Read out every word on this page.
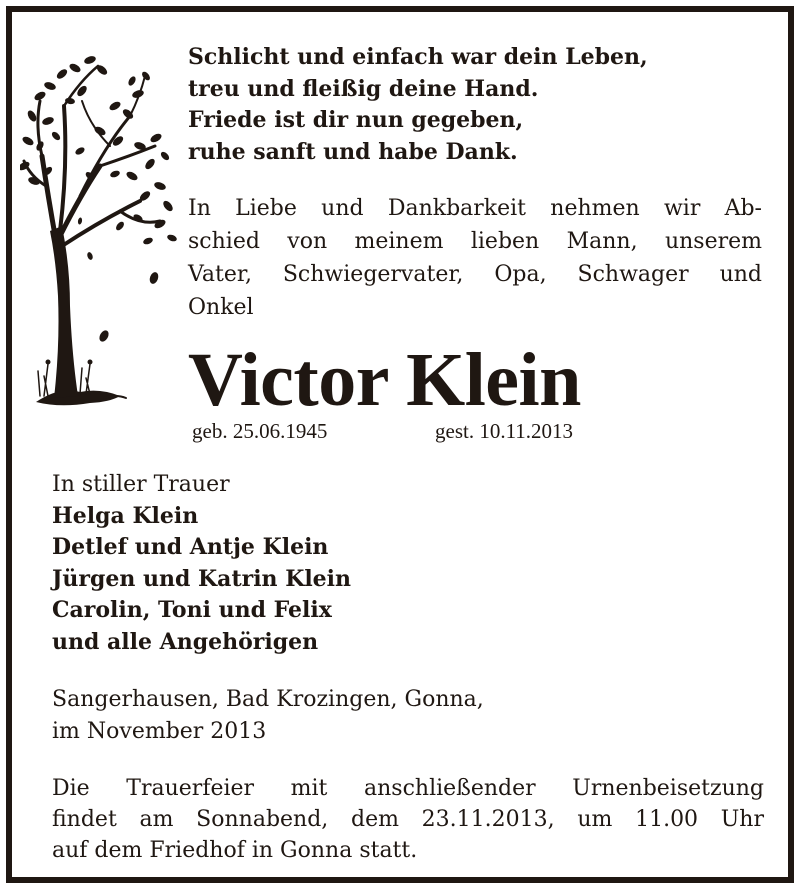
Schlicht und einfach war dein Leben,
treu und fleißig deine Hand.
Friede ist dir nun gegeben,
ruhe sanft und habe Dank.
In Liebe und Dankbarkeit nehmen wir Ab-
schied von meinem lieben Mann, unserem
Vater, Schwiegervater, Opa, Schwager und
Onkel
Victor Klein
geb. 25.06.1945	gest. 10.11.2013
In stiller Trauer
Helga Klein
Detlef und Antje Klein
Jürgen und Katrin Klein
Carolin, Toni und Felix
und alle Angehörigen
Sangerhausen, Bad Krozingen, Gonna,
im November 2013
Die Trauerfeier mit anschließender Urnenbeisetzung
findet am Sonnabend, dem 23.11.2013, um 11.00 Uhr
auf dem Friedhof in Gonna statt.
